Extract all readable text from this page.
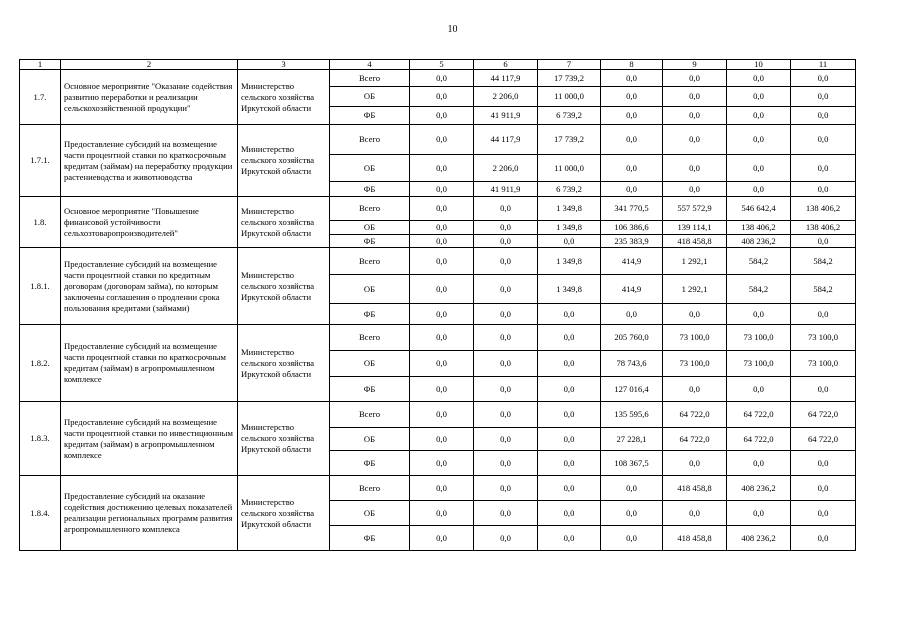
10
1	2	3	4	5	6	7	8	9	10	11
1.7.	Основное мероприятие "Оказание содействия развитию переработки и реализации сельскохозяйственной продукции"	Министерство сельского хозяйства Иркутской области	Всего	0,0	44 117,9	17 739,2	0,0	0,0	0,0	0,0
			ОБ	0,0	2 206,0	11 000,0	0,0	0,0	0,0	0,0
			ФБ	0,0	41 911,9	6 739,2	0,0	0,0	0,0	0,0
1.7.1.	Предоставление субсидий на возмещение части процентной ставки по краткосрочным кредитам (займам) на переработку продукции растениеводства и животноводства	Министерство сельского хозяйства Иркутской области	Всего	0,0	44 117,9	17 739,2	0,0	0,0	0,0	0,0
			ОБ	0,0	2 206,0	11 000,0	0,0	0,0	0,0	0,0
			ФБ	0,0	41 911,9	6 739,2	0,0	0,0	0,0	0,0
1.8.	Основное мероприятие "Повышение финансовой устойчивости сельхозтоваропроизводителей"	Министерство сельского хозяйства Иркутской области	Всего	0,0	0,0	1 349,8	341 770,5	557 572,9	546 642,4	138 406,2
			ОБ	0,0	0,0	1 349,8	106 386,6	139 114,1	138 406,2	138 406,2
			ФБ	0,0	0,0	0,0	235 383,9	418 458,8	408 236,2	0,0
1.8.1.	Предоставление субсидий на возмещение части процентной ставки по кредитным договорам (договорам займа), по которым заключены соглашения о продлении срока пользования кредитами (займами)	Министерство сельского хозяйства Иркутской области	Всего	0,0	0,0	1 349,8	414,9	1 292,1	584,2	584,2
			ОБ	0,0	0,0	1 349,8	414,9	1 292,1	584,2	584,2
			ФБ	0,0	0,0	0,0	0,0	0,0	0,0	0,0
1.8.2.	Предоставление субсидий на возмещение части процентной ставки по краткосрочным кредитам (займам) в агропромышленном комплексе	Министерство сельского хозяйства Иркутской области	Всего	0,0	0,0	0,0	205 760,0	73 100,0	73 100,0	73 100,0
			ОБ	0,0	0,0	0,0	78 743,6	73 100,0	73 100,0	73 100,0
			ФБ	0,0	0,0	0,0	127 016,4	0,0	0,0	0,0
1.8.3.	Предоставление субсидий на возмещение части процентной ставки по инвестиционным кредитам (займам) в агропромышленном комплексе	Министерство сельского хозяйства Иркутской области	Всего	0,0	0,0	0,0	135 595,6	64 722,0	64 722,0	64 722,0
			ОБ	0,0	0,0	0,0	27 228,1	64 722,0	64 722,0	64 722,0
			ФБ	0,0	0,0	0,0	108 367,5	0,0	0,0	0,0
1.8.4.	Предоставление субсидий на оказание содействия достижению целевых показателей реализации региональных программ развития агропромышленного комплекса	Министерство сельского хозяйства Иркутской области	Всего	0,0	0,0	0,0	0,0	418 458,8	408 236,2	0,0
			ОБ	0,0	0,0	0,0	0,0	0,0	0,0	0,0
			ФБ	0,0	0,0	0,0	0,0	418 458,8	408 236,2	0,0
